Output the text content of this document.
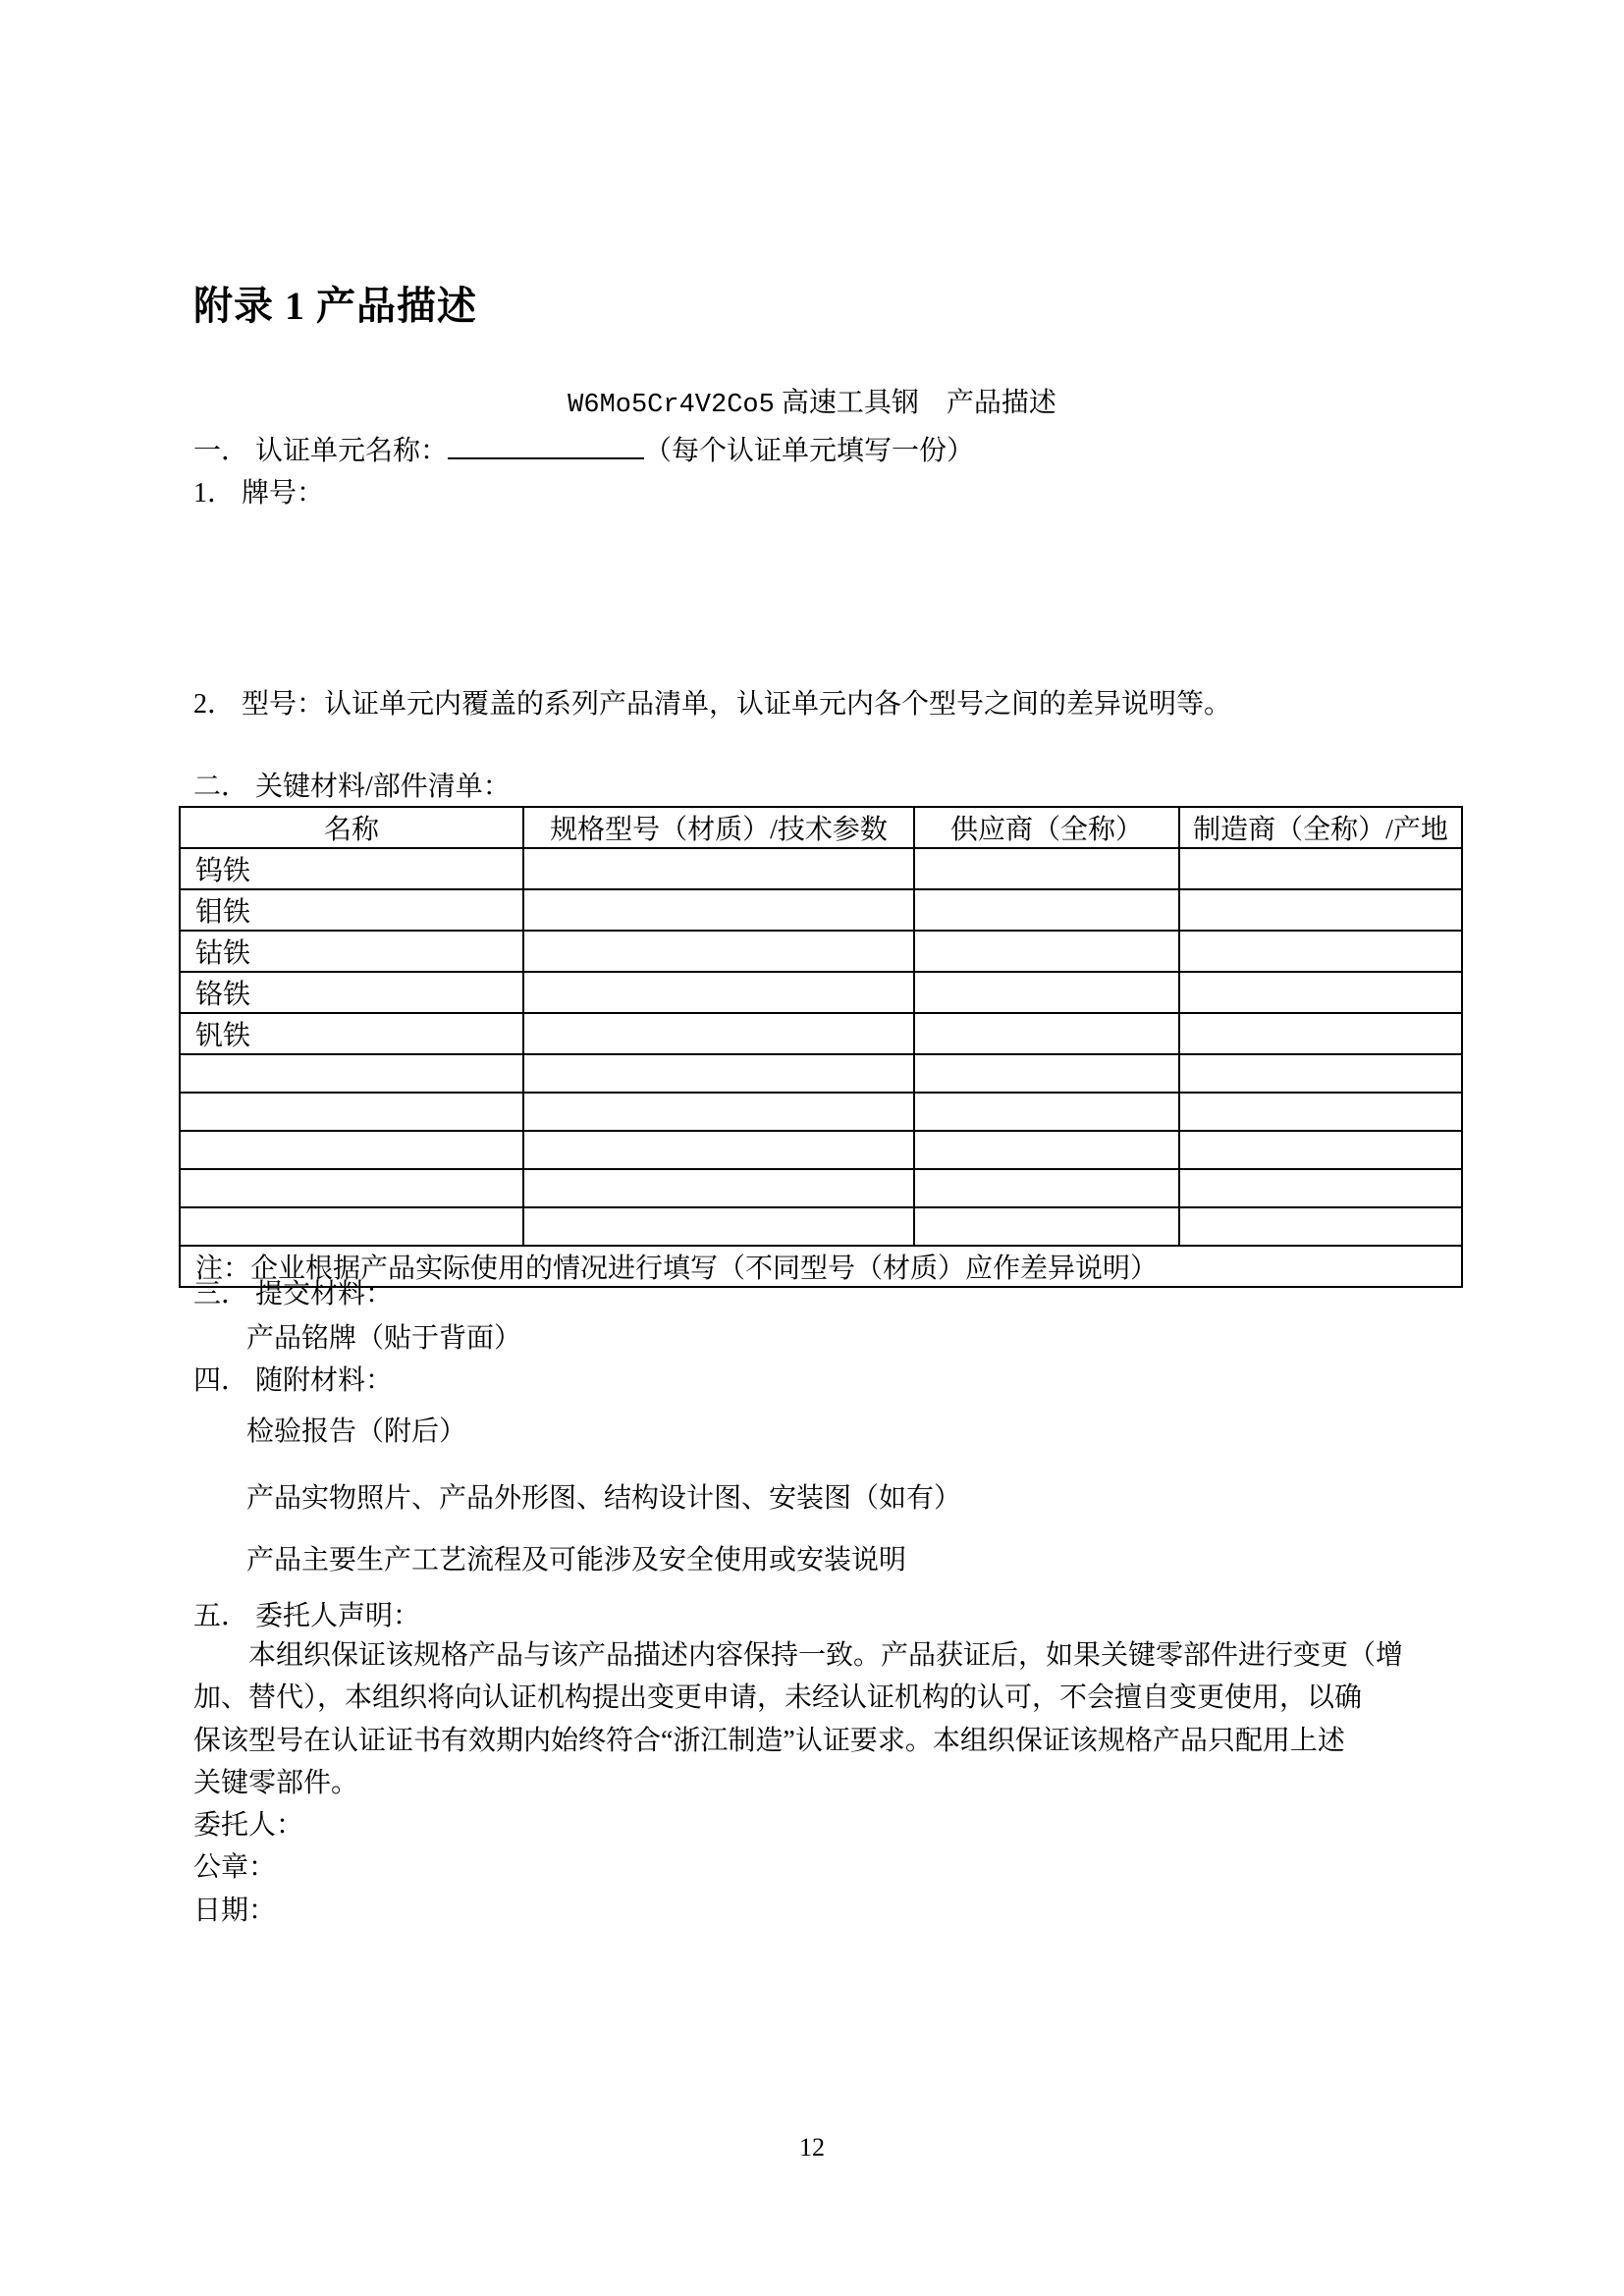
附录 1 产品描述
W6Mo5Cr4V2Co5 高速工具钢　产品描述
一． 认证单元名称：	（每个认证单元填写一份）
1． 牌号：
2． 型号：认证单元内覆盖的系列产品清单，认证单元内各个型号之间的差异说明等。
二． 关键材料/部件清单：
名称	规格型号（材质）/技术参数	供应商（全称）	制造商（全称）/产地
钨铁			
钼铁			
钴铁			
铬铁			
钒铁			

注：企业根据产品实际使用的情况进行填写（不同型号（材质）应作差异说明）			
三． 提交材料：
产品铭牌（贴于背面）
四． 随附材料：
检验报告（附后）
产品实物照片、产品外形图、结构设计图、安装图（如有）
产品主要生产工艺流程及可能涉及安全使用或安装说明
五． 委托人声明：
本组织保证该规格产品与该产品描述内容保持一致。产品获证后，如果关键零部件进行变更（增
加、替代），本组织将向认证机构提出变更申请，未经认证机构的认可，不会擅自变更使用，以确
保该型号在认证证书有效期内始终符合“浙江制造”认证要求。本组织保证该规格产品只配用上述
关键零部件。
委托人：
公章：
日期：
12
